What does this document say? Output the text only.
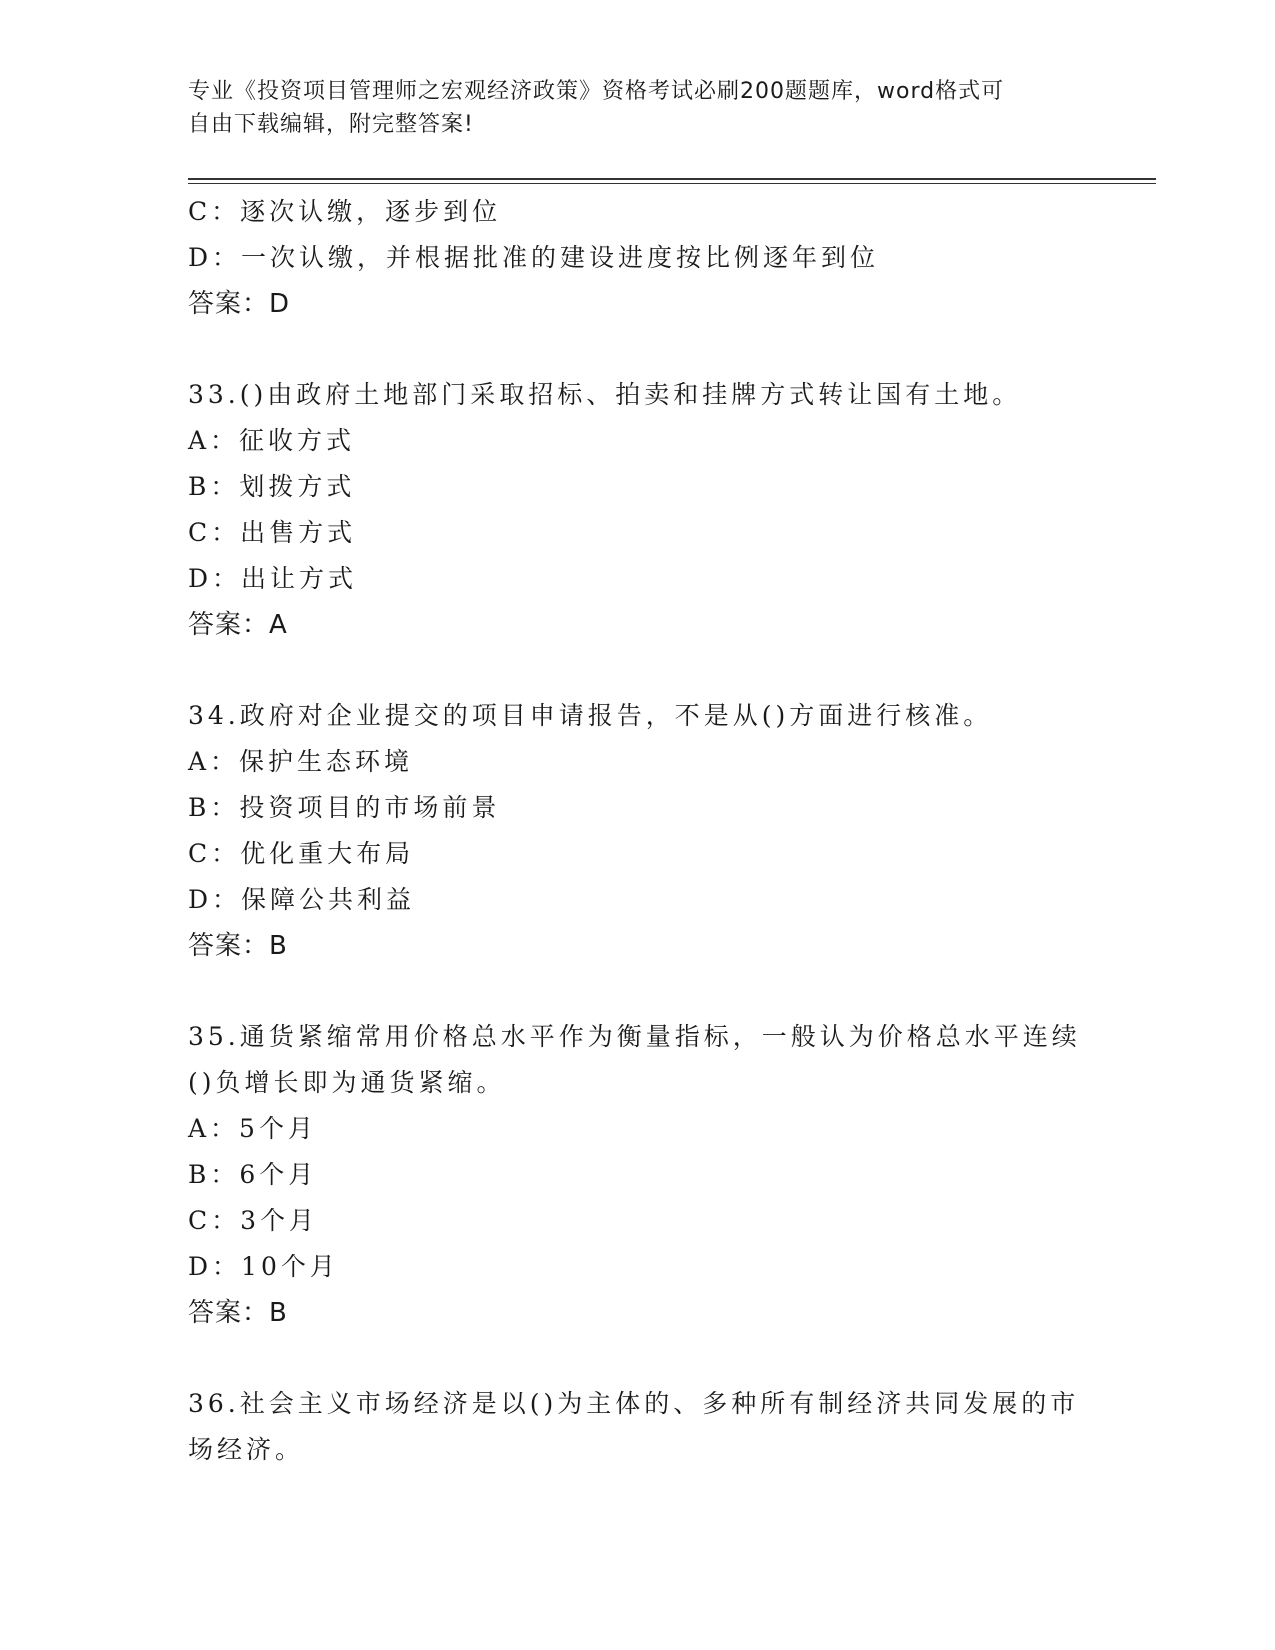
专业《投资项目管理师之宏观经济政策》资格考试必刷200题题库，word格式可
自由下载编辑，附完整答案!
C：逐次认缴，逐步到位
D：一次认缴，并根据批准的建设进度按比例逐年到位
答案：D
33.()由政府土地部门采取招标、拍卖和挂牌方式转让国有土地。
A：征收方式
B：划拨方式
C：出售方式
D：出让方式
答案：A
34.政府对企业提交的项目申请报告，不是从()方面进行核准。
A：保护生态环境
B：投资项目的市场前景
C：优化重大布局
D：保障公共利益
答案：B
35.通货紧缩常用价格总水平作为衡量指标，一般认为价格总水平连续
()负增长即为通货紧缩。
A：5个月
B：6个月
C：3个月
D：10个月
答案：B
36.社会主义市场经济是以()为主体的、多种所有制经济共同发展的市
场经济。
